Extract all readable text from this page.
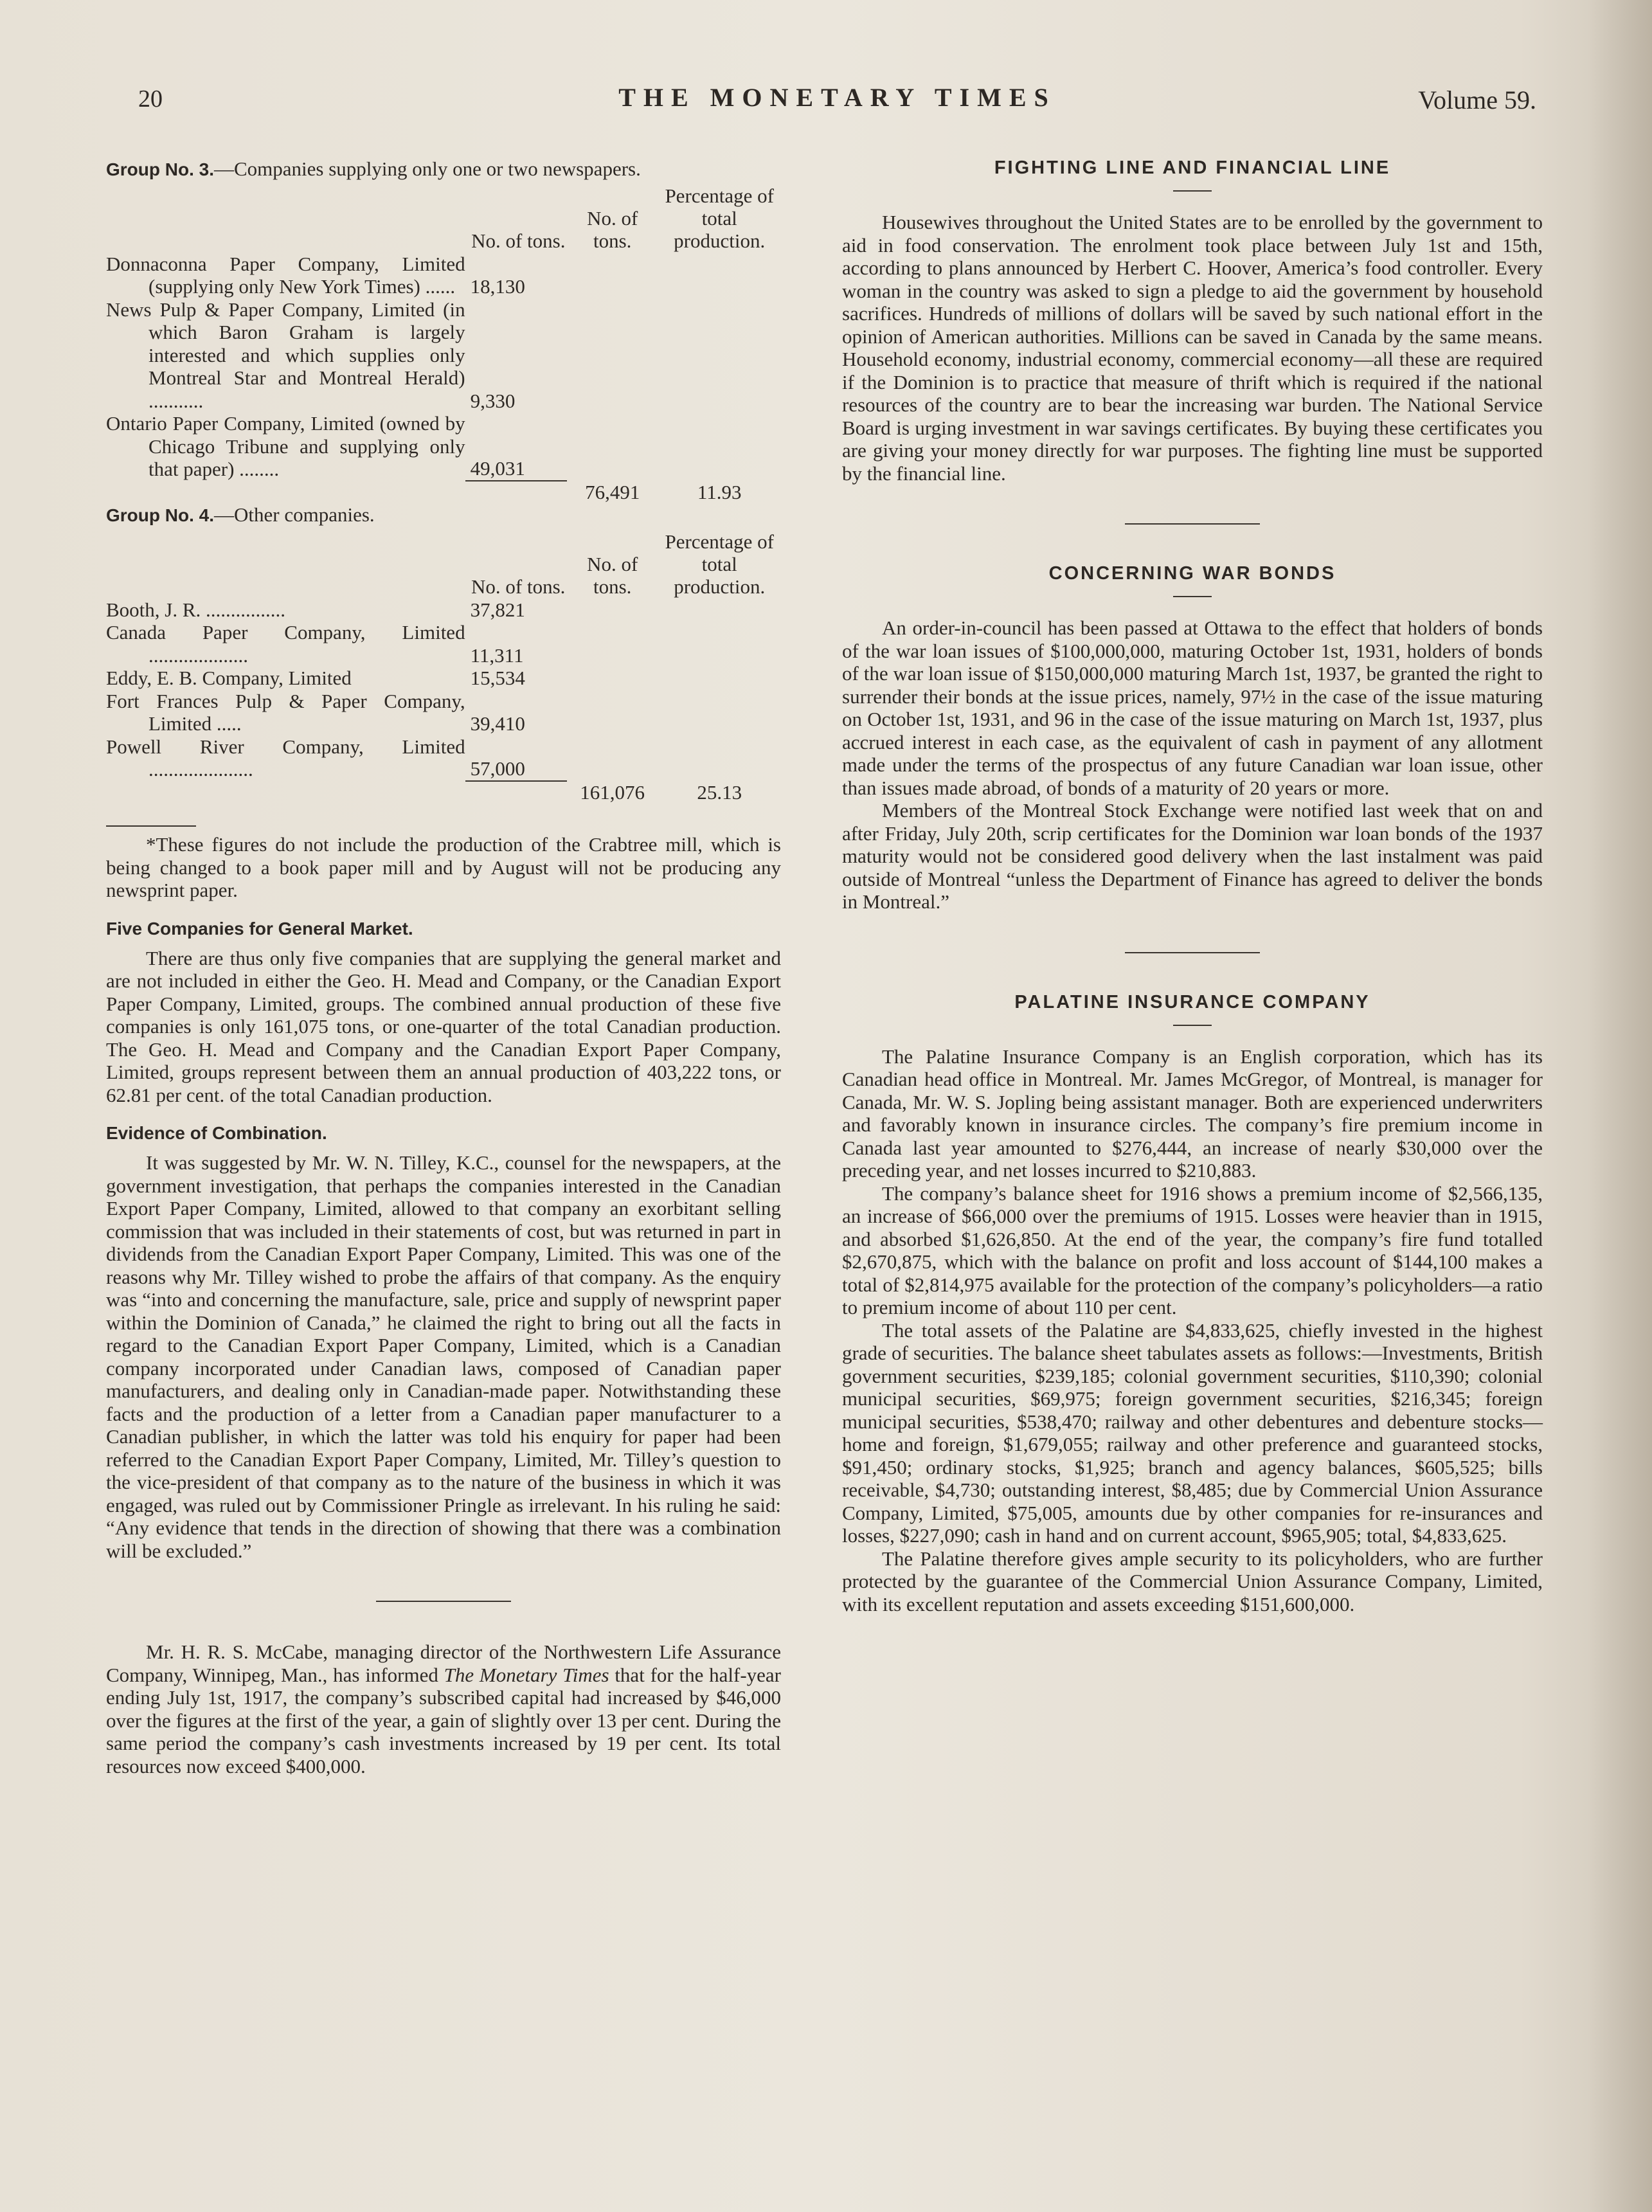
20	THE MONETARY TIMES	Volume 59.
Group No. 3.—Companies supplying only one or two newspapers.
	No. of tons.	No. of tons.	Percentage of total production.

Donnaconna Paper Company, Limited (supplying only New York Times) ......	18,130		

News Pulp & Paper Company, Limited (in which Baron Graham is largely interested and which supplies only Montreal Star and Montreal Herald) ...........	9,330		

Ontario Paper Company, Limited (owned by Chicago Tribune and supplying only that paper) ........	49,031		
		76,491	11.93
Group No. 4.—Other companies.
	No. of tons.	No. of tons.	Percentage of total production.

Booth, J. R. ................	37,821		

Canada Paper Company, Limited ....................	11,311		

Eddy, E. B. Company, Limited	15,534		

Fort Frances Pulp & Paper Company, Limited .....	39,410		

Powell River Company, Limited .....................	57,000		
		161,076	25.13

*These figures do not include the production of the Crabtree mill, which is being changed to a book paper mill and by August will not be producing any newsprint paper.

Five Companies for General Market.

There are thus only five companies that are supplying the general market and are not included in either the Geo. H. Mead and Company, or the Canadian Export Paper Company, Limited, groups. The combined annual production of these five companies is only 161,075 tons, or one-quarter of the total Canadian production. The Geo. H. Mead and Company and the Canadian Export Paper Company, Limited, groups represent between them an annual production of 403,222 tons, or 62.81 per cent. of the total Canadian production.

Evidence of Combination.

It was suggested by Mr. W. N. Tilley, K.C., counsel for the newspapers, at the government investigation, that perhaps the companies interested in the Canadian Export Paper Company, Limited, allowed to that company an exorbitant selling commission that was included in their statements of cost, but was returned in part in dividends from the Canadian Export Paper Company, Limited. This was one of the reasons why Mr. Tilley wished to probe the affairs of that company. As the enquiry was “into and concerning the manufacture, sale, price and supply of newsprint paper within the Dominion of Canada,” he claimed the right to bring out all the facts in regard to the Canadian Export Paper Company, Limited, which is a Canadian company incorporated under Canadian laws, composed of Canadian paper manufacturers, and dealing only in Canadian-made paper. Notwithstanding these facts and the production of a letter from a Canadian paper manufacturer to a Canadian publisher, in which the latter was told his enquiry for paper had been referred to the Canadian Export Paper Company, Limited, Mr. Tilley’s question to the vice-president of that company as to the nature of the business in which it was engaged, was ruled out by Commissioner Pringle as irrelevant. In his ruling he said: “Any evidence that tends in the direction of showing that there was a combination will be excluded.”

Mr. H. R. S. McCabe, managing director of the Northwestern Life Assurance Company, Winnipeg, Man., has informed The Monetary Times that for the half-year ending July 1st, 1917, the company’s subscribed capital had increased by $46,000 over the figures at the first of the year, a gain of slightly over 13 per cent. During the same period the company’s cash investments increased by 19 per cent. Its total resources now exceed $400,000.

FIGHTING LINE AND FINANCIAL LINE

Housewives throughout the United States are to be enrolled by the government to aid in food conservation. The enrolment took place between July 1st and 15th, according to plans announced by Herbert C. Hoover, America’s food controller. Every woman in the country was asked to sign a pledge to aid the government by household sacrifices. Hundreds of millions of dollars will be saved by such national effort in the opinion of American authorities. Millions can be saved in Canada by the same means. Household economy, industrial economy, commercial economy—all these are required if the Dominion is to practice that measure of thrift which is required if the national resources of the country are to bear the increasing war burden. The National Service Board is urging investment in war savings certificates. By buying these certificates you are giving your money directly for war purposes. The fighting line must be supported by the financial line.

CONCERNING WAR BONDS

An order-in-council has been passed at Ottawa to the effect that holders of bonds of the war loan issues of $100,000,000, maturing October 1st, 1931, holders of bonds of the war loan issue of $150,000,000 maturing March 1st, 1937, be granted the right to surrender their bonds at the issue prices, namely, 97½ in the case of the issue maturing on October 1st, 1931, and 96 in the case of the issue maturing on March 1st, 1937, plus accrued interest in each case, as the equivalent of cash in payment of any allotment made under the terms of the prospectus of any future Canadian war loan issue, other than issues made abroad, of bonds of a maturity of 20 years or more.

Members of the Montreal Stock Exchange were notified last week that on and after Friday, July 20th, scrip certificates for the Dominion war loan bonds of the 1937 maturity would not be considered good delivery when the last instalment was paid outside of Montreal “unless the Department of Finance has agreed to deliver the bonds in Montreal.”

PALATINE INSURANCE COMPANY

The Palatine Insurance Company is an English corporation, which has its Canadian head office in Montreal. Mr. James McGregor, of Montreal, is manager for Canada, Mr. W. S. Jopling being assistant manager. Both are experienced underwriters and favorably known in insurance circles. The company’s fire premium income in Canada last year amounted to $276,444, an increase of nearly $30,000 over the preceding year, and net losses incurred to $210,883.

The company’s balance sheet for 1916 shows a premium income of $2,566,135, an increase of $66,000 over the premiums of 1915. Losses were heavier than in 1915, and absorbed $1,626,850. At the end of the year, the company’s fire fund totalled $2,670,875, which with the balance on profit and loss account of $144,100 makes a total of $2,814,975 available for the protection of the company’s policyholders—a ratio to premium income of about 110 per cent.

The total assets of the Palatine are $4,833,625, chiefly invested in the highest grade of securities. The balance sheet tabulates assets as follows:—Investments, British government securities, $239,185; colonial government securities, $110,390; colonial municipal securities, $69,975; foreign government securities, $216,345; foreign municipal securities, $538,470; railway and other debentures and debenture stocks—home and foreign, $1,679,055; railway and other preference and guaranteed stocks, $91,450; ordinary stocks, $1,925; branch and agency balances, $605,525; bills receivable, $4,730; outstanding interest, $8,485; due by Commercial Union Assurance Company, Limited, $75,005, amounts due by other companies for re-insurances and losses, $227,090; cash in hand and on current account, $965,905; total, $4,833,625.

The Palatine therefore gives ample security to its policyholders, who are further protected by the guarantee of the Commercial Union Assurance Company, Limited, with its excellent reputation and assets exceeding $151,600,000.
